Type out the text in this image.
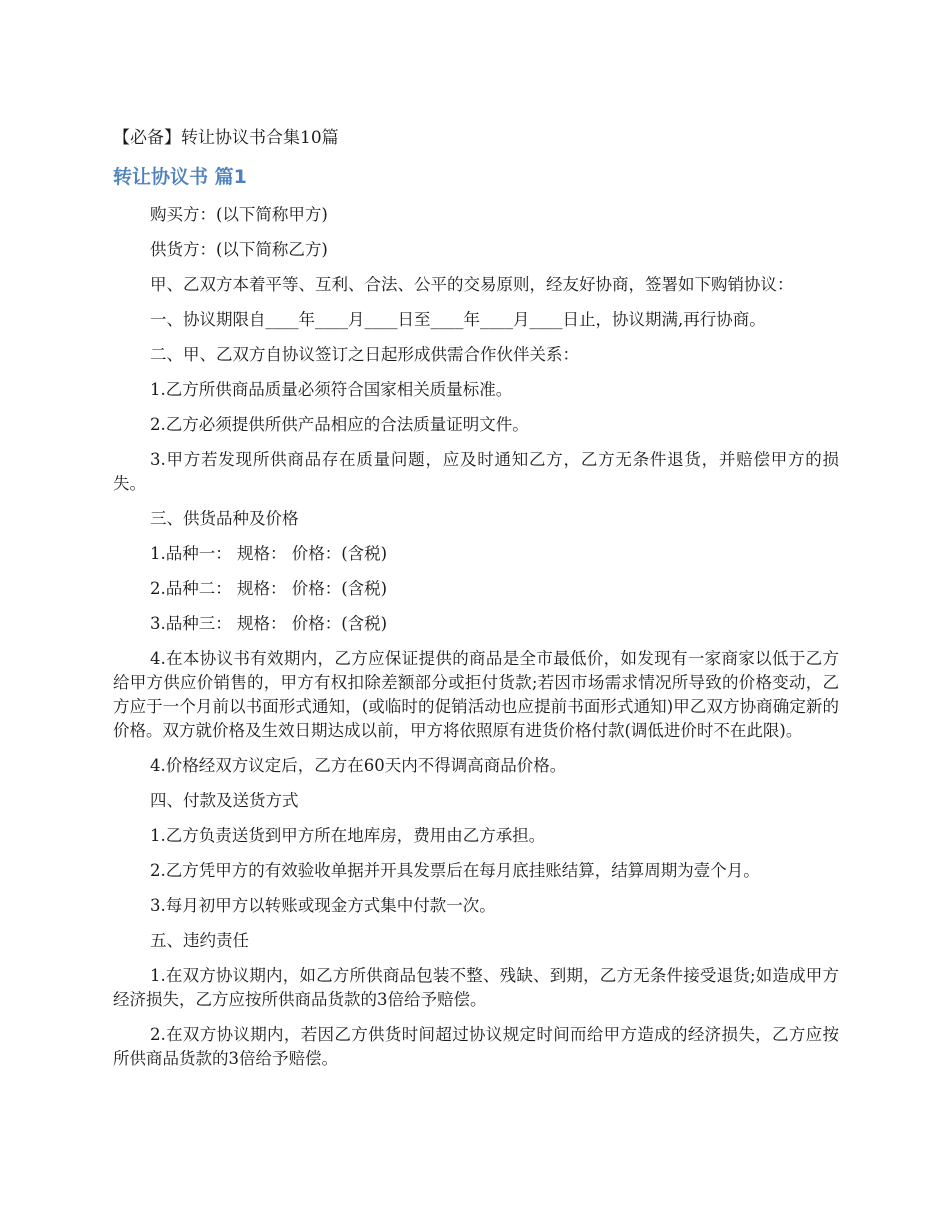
【必备】转让协议书合集10篇
转让协议书 篇1

购买方：(以下简称甲方)

供货方：(以下简称乙方)

甲、乙双方本着平等、互利、合法、公平的交易原则，经友好协商，签署如下购销协议：

一、协议期限自____年____月____日至____年____月____日止，协议期满,再行协商。

二、甲、乙双方自协议签订之日起形成供需合作伙伴关系：

1.乙方所供商品质量必须符合国家相关质量标准。

2.乙方必须提供所供产品相应的合法质量证明文件。

3.甲方若发现所供商品存在质量问题，应及时通知乙方，乙方无条件退货，并赔偿甲方的损失。

三、供货品种及价格

1.品种一： 规格： 价格：(含税)

2.品种二： 规格： 价格：(含税)

3.品种三： 规格： 价格：(含税)

4.在本协议书有效期内，乙方应保证提供的商品是全市最低价，如发现有一家商家以低于乙方给甲方供应价销售的，甲方有权扣除差额部分或拒付货款;若因市场需求情况所导致的价格变动，乙方应于一个月前以书面形式通知，(或临时的促销活动也应提前书面形式通知)甲乙双方协商确定新的价格。双方就价格及生效日期达成以前，甲方将依照原有进货价格付款(调低进价时不在此限)。

4.价格经双方议定后，乙方在60天内不得调高商品价格。

四、付款及送货方式

1.乙方负责送货到甲方所在地库房，费用由乙方承担。

2.乙方凭甲方的有效验收单据并开具发票后在每月底挂账结算，结算周期为壹个月。

3.每月初甲方以转账或现金方式集中付款一次。

五、违约责任

1.在双方协议期内，如乙方所供商品包装不整、残缺、到期，乙方无条件接受退货;如造成甲方经济损失，乙方应按所供商品货款的3倍给予赔偿。

2.在双方协议期内，若因乙方供货时间超过协议规定时间而给甲方造成的经济损失，乙方应按所供商品货款的3倍给予赔偿。
